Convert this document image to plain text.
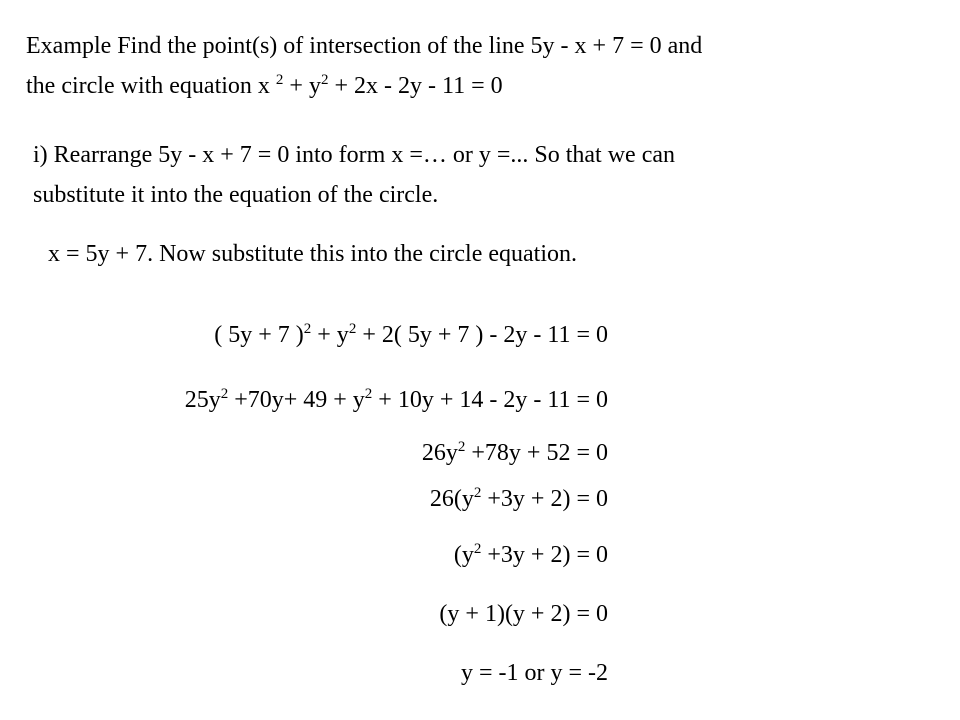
Example Find the point(s) of intersection of the line 5y - x + 7 = 0 and

the circle with equation x $^2 + y^2 + 2x - 2y - 11 = 0$

i) Rearrange 5y - x + 7 = 0 into form x =… or y =... So that we can

substitute it into the equation of the circle.

x = 5y + 7. Now substitute this into the circle equation.

( 5y + 7 )$^2 + y^2 + 2$( 5y + 7 ) - 2y - 11 = 0

$25y^2 +70y+ 49 + y^2 + 10y + 14 - 2y - 11 = 0$

$26y^2 +78y + 52 = 0$

$26(y^2 +3y + 2) = 0$

$(y^2 +3y + 2) = 0$

(y + 1)(y + 2) = 0

y = -1 or y = -2
